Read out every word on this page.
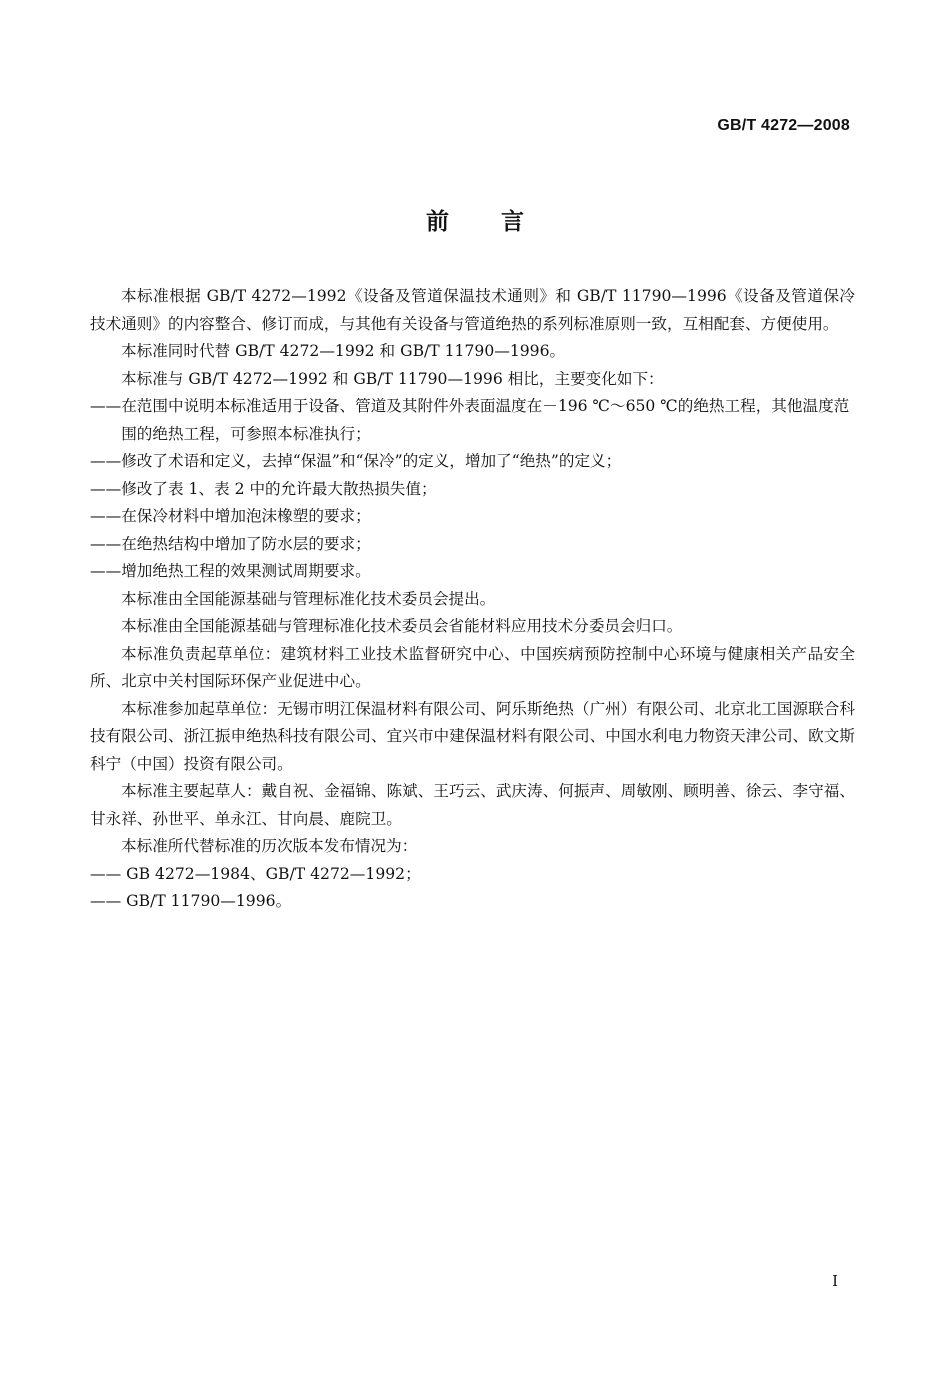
GB/T 4272—2008
前言

本标准根据 GB/T 4272—1992《设备及管道保温技术通则》和 GB/T 11790—1996《设备及管道保冷技术通则》的内容整合、修订而成，与其他有关设备与管道绝热的系列标准原则一致，互相配套、方便使用。

本标准同时代替 GB/T 4272—1992 和 GB/T 11790—1996。

本标准与 GB/T 4272—1992 和 GB/T 11790—1996 相比，主要变化如下：

—— 在范围中说明本标准适用于设备、管道及其附件外表面温度在－196 ℃～650 ℃的绝热工程，其他温度范围的绝热工程，可参照本标准执行；
—— 修改了术语和定义，去掉“保温”和“保冷”的定义，增加了“绝热”的定义；
—— 修改了表 1、表 2 中的允许最大散热损失值；
—— 在保冷材料中增加泡沫橡塑的要求；
—— 在绝热结构中增加了防水层的要求；
—— 增加绝热工程的效果测试周期要求。

本标准由全国能源基础与管理标准化技术委员会提出。

本标准由全国能源基础与管理标准化技术委员会省能材料应用技术分委员会归口。

本标准负责起草单位：建筑材料工业技术监督研究中心、中国疾病预防控制中心环境与健康相关产品安全所、北京中关村国际环保产业促进中心。

本标准参加起草单位：无锡市明江保温材料有限公司、阿乐斯绝热（广州）有限公司、北京北工国源联合科技有限公司、浙江振申绝热科技有限公司、宜兴市中建保温材料有限公司、中国水利电力物资天津公司、欧文斯科宁（中国）投资有限公司。

本标准主要起草人：戴自祝、金福锦、陈斌、王巧云、武庆涛、何振声、周敏刚、顾明善、徐云、李守福、甘永祥、孙世平、单永江、甘向晨、鹿院卫。

本标准所代替标准的历次版本发布情况为：

—— GB 4272—1984、GB/T 4272—1992；
—— GB/T 11790—1996。
I
